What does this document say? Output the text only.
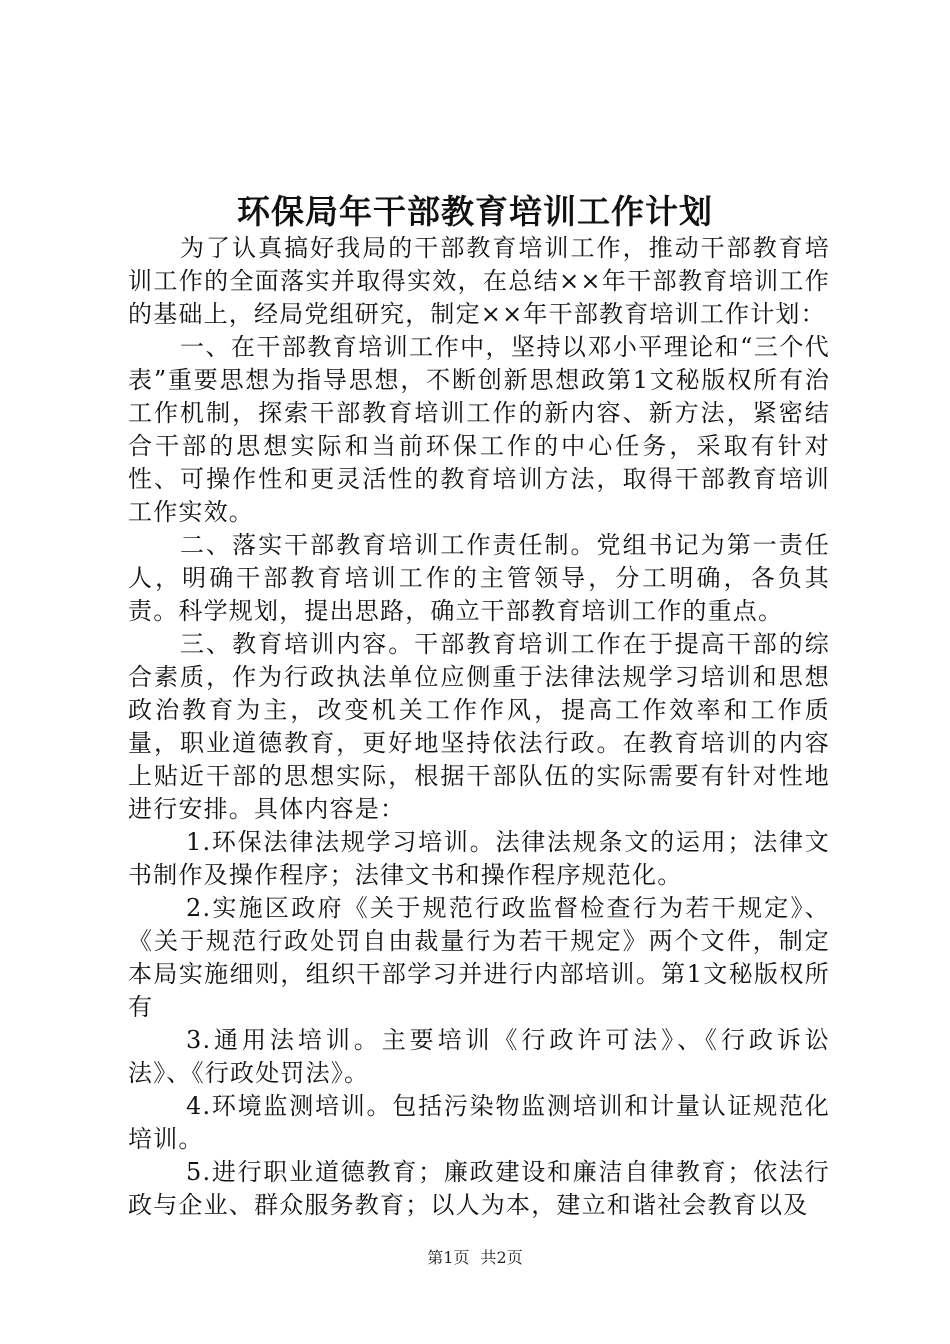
环保局年干部教育培训工作计划

为了认真搞好我局的干部教育培训工作，推动干部教育培训工作的全面落实并取得实效，在总结××年干部教育培训工作的基础上，经局党组研究，制定××年干部教育培训工作计划：

一、在干部教育培训工作中，坚持以邓小平理论和“三个代表”重要思想为指导思想，不断创新思想政第1文秘版权所有治工作机制，探索干部教育培训工作的新内容、新方法，紧密结合干部的思想实际和当前环保工作的中心任务，采取有针对性、可操作性和更灵活性的教育培训方法，取得干部教育培训工作实效。

二、落实干部教育培训工作责任制。党组书记为第一责任人，明确干部教育培训工作的主管领导，分工明确，各负其责。科学规划，提出思路，确立干部教育培训工作的重点。

三、教育培训内容。干部教育培训工作在于提高干部的综合素质，作为行政执法单位应侧重于法律法规学习培训和思想政治教育为主，改变机关工作作风，提高工作效率和工作质量，职业道德教育，更好地坚持依法行政。在教育培训的内容上贴近干部的思想实际，根据干部队伍的实际需要有针对性地进行安排。具体内容是：

1.环保法律法规学习培训。法律法规条文的运用；法律文书制作及操作程序；法律文书和操作程序规范化。

2.实施区政府《关于规范行政监督检查行为若干规定》、《关于规范行政处罚自由裁量行为若干规定》两个文件，制定本局实施细则，组织干部学习并进行内部培训。第1文秘版权所有

3.通用法培训。主要培训《行政许可法》、《行政诉讼法》、《行政处罚法》。

4.环境监测培训。包括污染物监测培训和计量认证规范化培训。

5.进行职业道德教育；廉政建设和廉洁自律教育；依法行政与企业、群众服务教育；以人为本，建立和谐社会教育以及

第1页 共2页
